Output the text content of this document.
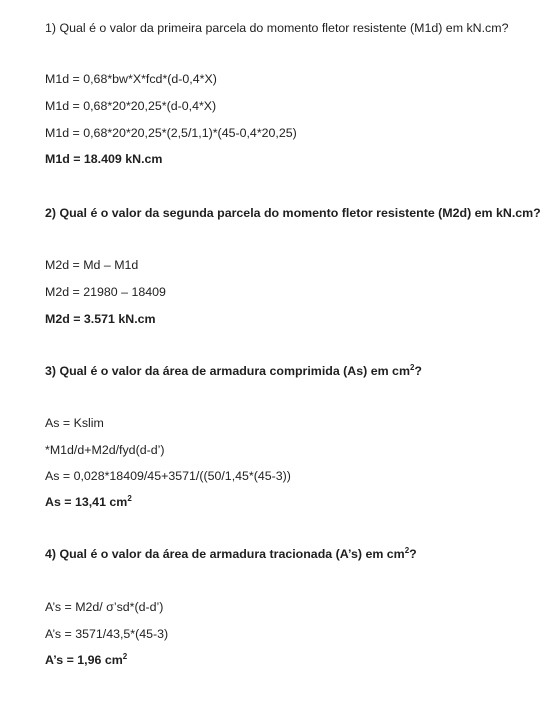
1) Qual é o valor da primeira parcela do momento fletor resistente (M1d) em kN.cm?
M1d = 0,68*bw*X*fcd*(d-0,4*X)
M1d = 0,68*20*20,25*(d-0,4*X)
M1d = 0,68*20*20,25*(2,5/1,1)*(45-0,4*20,25)
M1d = 18.409 kN.cm
2) Qual é o valor da segunda parcela do momento fletor resistente (M2d) em kN.cm?
M2d = Md – M1d
M2d = 21980 – 18409
M2d = 3.571 kN.cm
3) Qual é o valor da área de armadura comprimida (As) em $cm^2$?
As = Kslim
*M1d/d+M2d/fyd(d-d’)
As = 0,028*18409/45+3571/((50/1,45*(45-3))
As = 13,41 $cm^2$
4) Qual é o valor da área de armadura tracionada (A’s) em $cm^2$?
A’s = M2d/ σ’sd*(d-d’)
A’s = 3571/43,5*(45-3)
A’s = 1,96 $cm^2$
